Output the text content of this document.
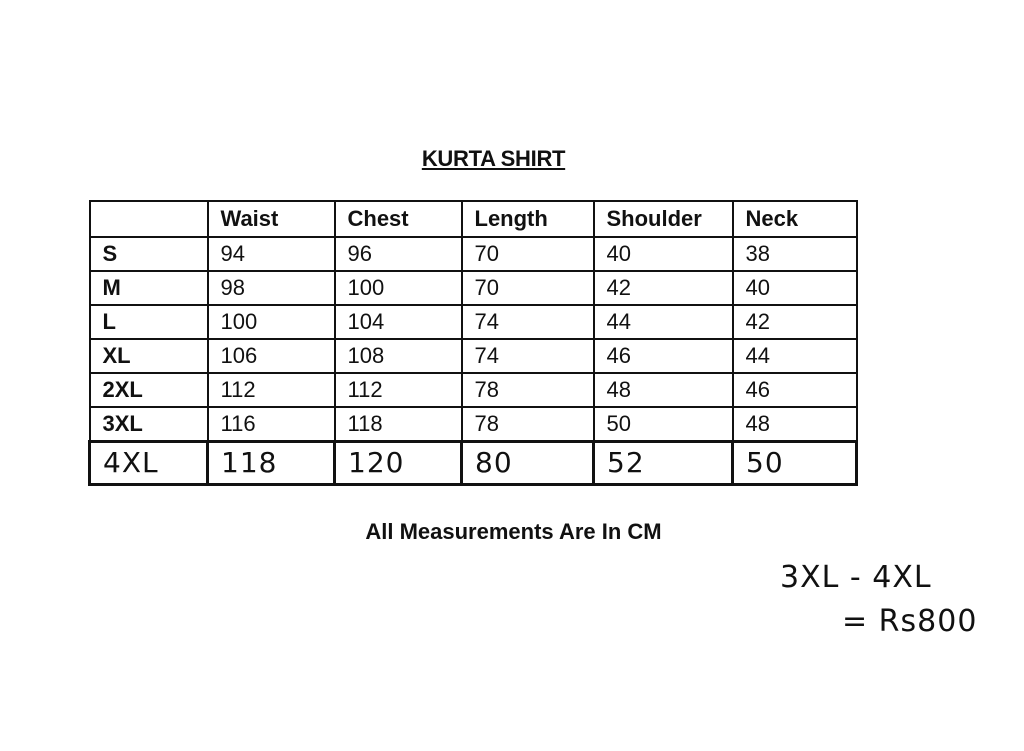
KURTA SHIRT
	Waist	Chest	Length	Shoulder	Neck
S	94	96	70	40	38
M	98	100	70	42	40
L	100	104	74	44	42
XL	106	108	74	46	44
2XL	112	112	78	48	46
3XL	116	118	78	50	48
4XL	118	120	80	52	50
All Measurements Are In CM
3XL - 4XL
= Rs800
